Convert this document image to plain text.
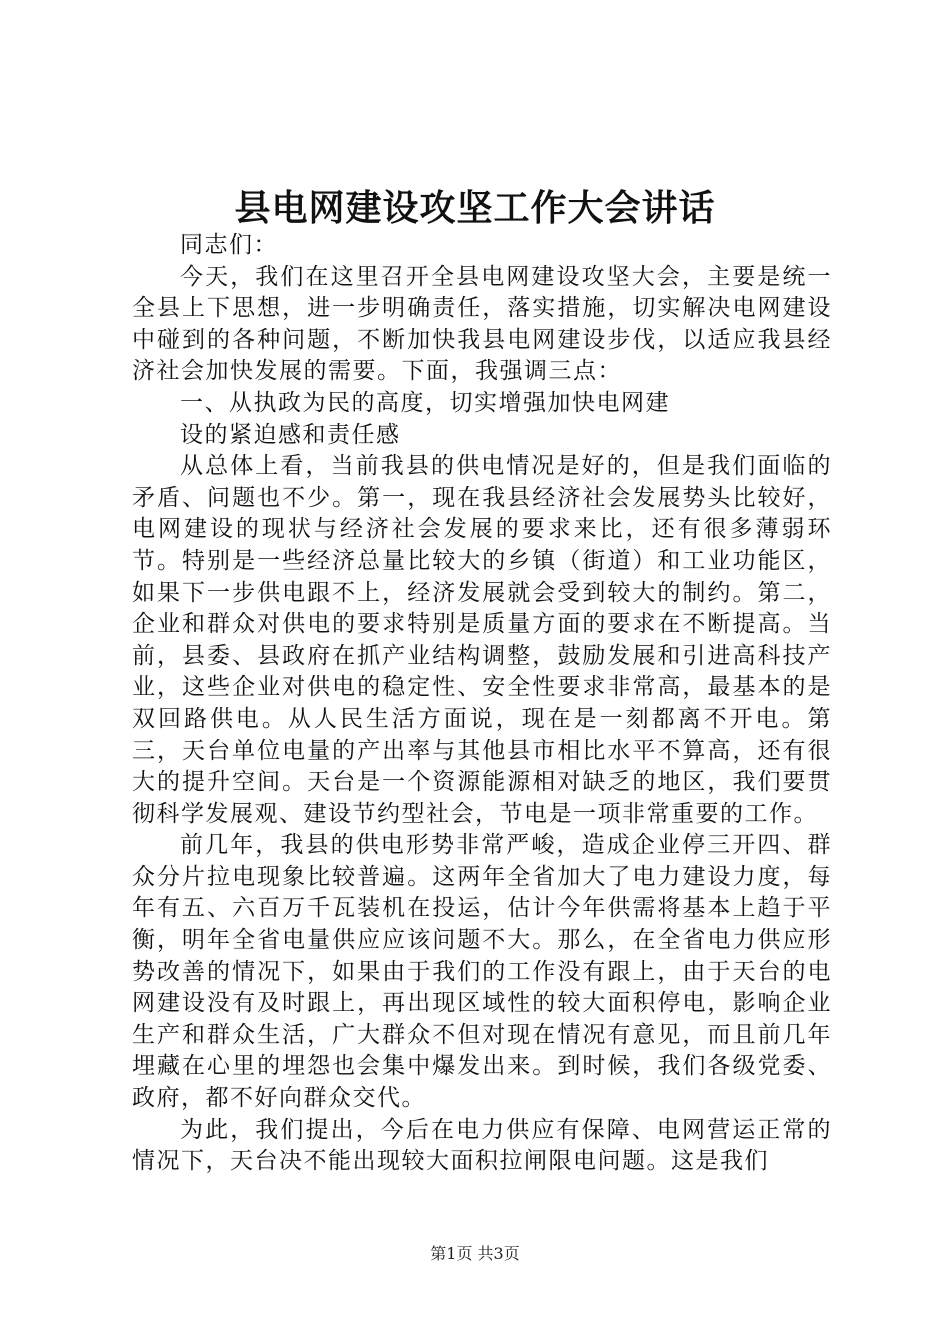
县电网建设攻坚工作大会讲话

同志们：

今天，我们在这里召开全县电网建设攻坚大会，主要是统一全县上下思想，进一步明确责任，落实措施，切实解决电网建设中碰到的各种问题，不断加快我县电网建设步伐，以适应我县经济社会加快发展的需要。下面，我强调三点：

一、从执政为民的高度，切实增强加快电网建

设的紧迫感和责任感

从总体上看，当前我县的供电情况是好的，但是我们面临的矛盾、问题也不少。第一，现在我县经济社会发展势头比较好，电网建设的现状与经济社会发展的要求来比，还有很多薄弱环节。特别是一些经济总量比较大的乡镇（街道）和工业功能区，如果下一步供电跟不上，经济发展就会受到较大的制约。第二，企业和群众对供电的要求特别是质量方面的要求在不断提高。当前，县委、县政府在抓产业结构调整，鼓励发展和引进高科技产业，这些企业对供电的稳定性、安全性要求非常高，最基本的是双回路供电。从人民生活方面说，现在是一刻都离不开电。第三，天台单位电量的产出率与其他县市相比水平不算高，还有很大的提升空间。天台是一个资源能源相对缺乏的地区，我们要贯彻科学发展观、建设节约型社会，节电是一项非常重要的工作。

前几年，我县的供电形势非常严峻，造成企业停三开四、群众分片拉电现象比较普遍。这两年全省加大了电力建设力度，每年有五、六百万千瓦装机在投运，估计今年供需将基本上趋于平衡，明年全省电量供应应该问题不大。那么，在全省电力供应形势改善的情况下，如果由于我们的工作没有跟上，由于天台的电网建设没有及时跟上，再出现区域性的较大面积停电，影响企业生产和群众生活，广大群众不但对现在情况有意见，而且前几年埋藏在心里的埋怨也会集中爆发出来。到时候，我们各级党委、政府，都不好向群众交代。

为此，我们提出，今后在电力供应有保障、电网营运正常的情况下，天台决不能出现较大面积拉闸限电问题。这是我们

第1页 共3页
